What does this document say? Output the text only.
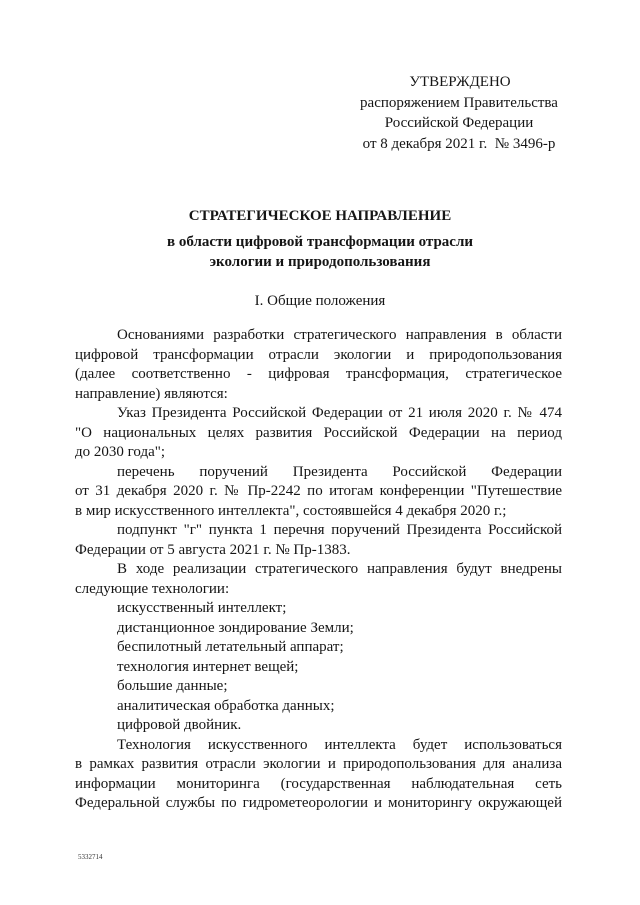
УТВЕРЖДЕНО
распоряжением Правительства
Российской Федерации
от 8 декабря 2021 г.  № 3496-р
СТРАТЕГИЧЕСКОЕ НАПРАВЛЕНИЕ
в области цифровой трансформации отрасли
экологии и природопользования
I. Общие положения
Основаниями разработки стратегического направления в области
цифровой трансформации отрасли экологии и природопользования
(далее соответственно - цифровая трансформация, стратегическое
направление) являются:
Указ Президента Российской Федерации от 21 июля 2020 г. № 474
"О национальных целях развития Российской Федерации на период
до 2030 года";
перечень поручений Президента Российской Федерации
от 31 декабря 2020 г. № Пр-2242 по итогам конференции "Путешествие
в мир искусственного интеллекта", состоявшейся 4 декабря 2020 г.;
подпункт "г" пункта 1 перечня поручений Президента Российской
Федерации от 5 августа 2021 г. № Пр-1383.
В ходе реализации стратегического направления будут внедрены
следующие технологии:
искусственный интеллект;
дистанционное зондирование Земли;
беспилотный летательный аппарат;
технология интернет вещей;
большие данные;
аналитическая обработка данных;
цифровой двойник.
Технология искусственного интеллекта будет использоваться
в рамках развития отрасли экологии и природопользования для анализа
информации мониторинга (государственная наблюдательная сеть
Федеральной службы по гидрометеорологии и мониторингу окружающей
5332714
